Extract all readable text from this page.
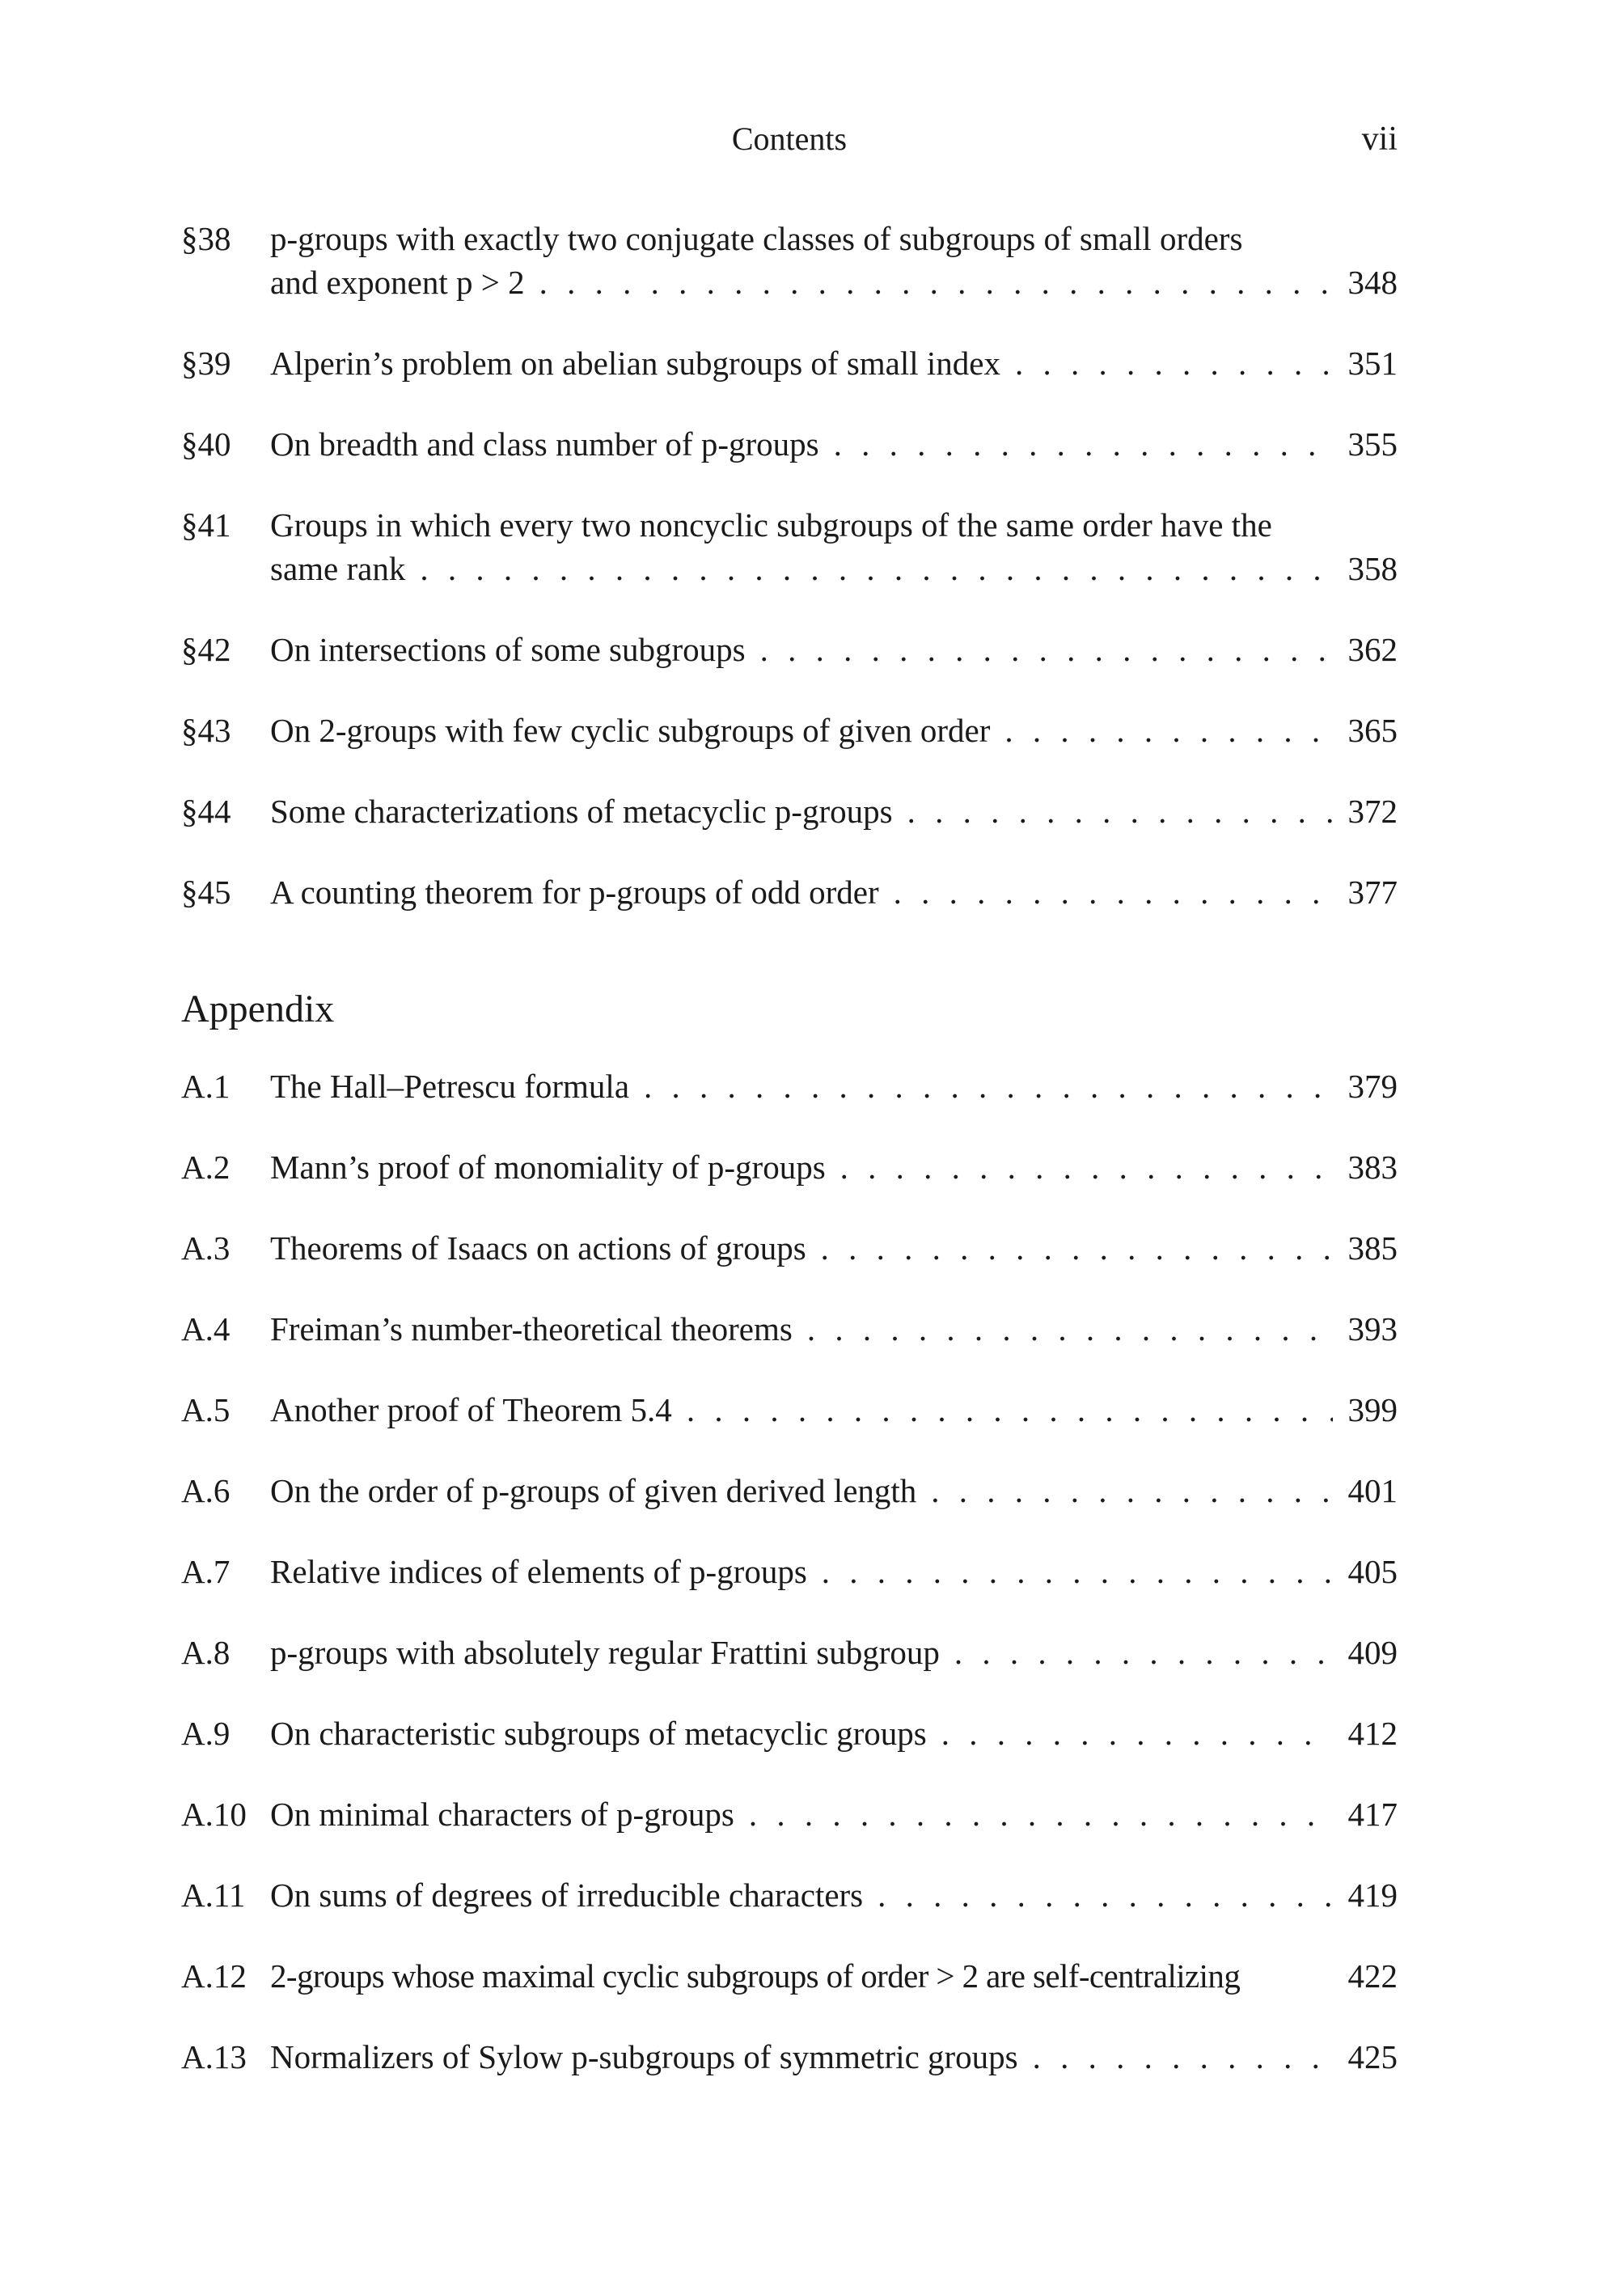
Contents	vii
§38 p-groups with exactly two conjugate classes of subgroups of small orders
and exponent p > 2 . . .	348
§39 Alperin’s problem on abelian subgroups of small index . . .	351
§40 On breadth and class number of p-groups . . .	355
§41 Groups in which every two noncyclic subgroups of the same order have the
same rank . . .	358
§42 On intersections of some subgroups . . .	362
§43 On 2-groups with few cyclic subgroups of given order . . .	365
§44 Some characterizations of metacyclic p-groups . . .	372
§45 A counting theorem for p-groups of odd order . . .	377
Appendix
A.1 The Hall–Petrescu formula . . .	379
A.2 Mann’s proof of monomiality of p-groups . . .	383
A.3 Theorems of Isaacs on actions of groups . . .	385
A.4 Freiman’s number-theoretical theorems . . .	393
A.5 Another proof of Theorem 5.4 . . .	399
A.6 On the order of p-groups of given derived length . . .	401
A.7 Relative indices of elements of p-groups . . .	405
A.8 p-groups with absolutely regular Frattini subgroup . . .	409
A.9 On characteristic subgroups of metacyclic groups . . .	412
A.10 On minimal characters of p-groups . . .	417
A.11 On sums of degrees of irreducible characters . . .	419
A.12 2-groups whose maximal cyclic subgroups of order > 2 are self-centralizing	422
A.13 Normalizers of Sylow p-subgroups of symmetric groups . . .	425
